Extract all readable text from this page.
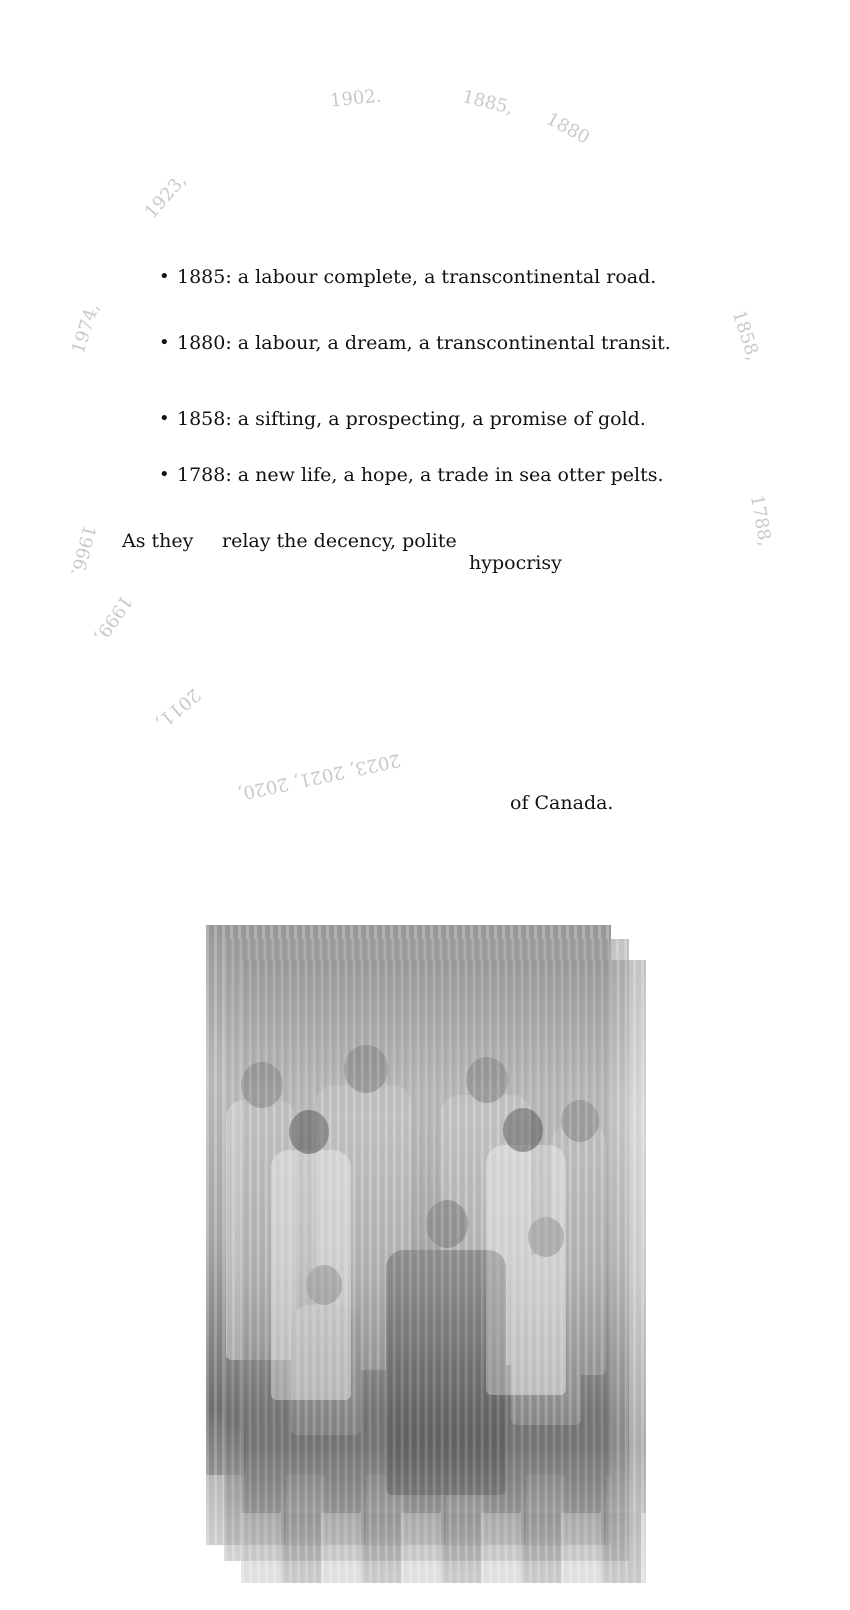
1902.	1885,
1880
1923,
1974,	1858,
1788,
1966.
1999,
2011,
2023, 2021, 2020,
• 1885: a labour complete, a transcontinental road.
• 1880: a labour, a dream, a transcontinental transit.
• 1858: a sifting, a prospecting, a promise of gold.
• 1788: a new life, a hope, a trade in sea otter pelts.
As they relay the decency, polite
hypocrisy
of Canada.
